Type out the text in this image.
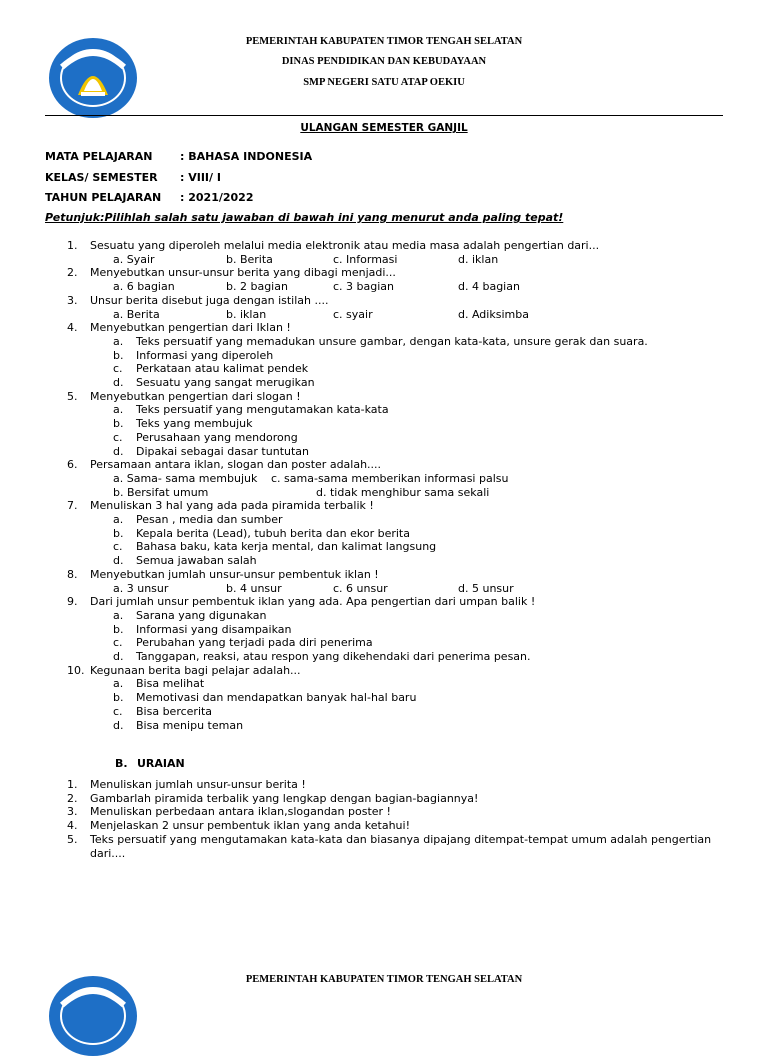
PEMERINTAH KABUPATEN TIMOR TENGAH SELATAN
DINAS PENDIDIKAN DAN KEBUDAYAAN
SMP NEGERI SATU ATAP OEKIU
ULANGAN SEMESTER GANJIL
MATA PELAJARAN	: BAHASA INDONESIA
KELAS/ SEMESTER : VIII/ I
TAHUN PELAJARAN : 2021/2022
Petunjuk:Pilihlah salah satu jawaban di bawah ini yang menurut anda paling tepat!
1. Sesuatu yang diperoleh melalui media elektronik atau media masa adalah pengertian dari...
a. Syair	b. Berita	c. Informasi	d. iklan
2. Menyebutkan unsur-unsur berita yang dibagi menjadi...
a. 6 bagian	b. 2 bagian	c. 3 bagian	d. 4 bagian
3. Unsur berita disebut juga dengan istilah ....
a. Berita	b. iklan	c. syair	d. Adiksimba
4. Menyebutkan pengertian dari Iklan !
a. Teks persuatif yang memadukan unsure gambar, dengan kata-kata, unsure gerak dan suara.
b. Informasi yang diperoleh
c. Perkataan atau kalimat pendek
d. Sesuatu yang sangat merugikan
5. Menyebutkan pengertian dari slogan !
a. Teks persuatif yang mengutamakan kata-kata
b. Teks yang membujuk
c. Perusahaan yang mendorong
d. Dipakai sebagai dasar tuntutan
6. Persamaan antara iklan, slogan dan poster adalah....
a. Sama- sama membujuk c. sama-sama memberikan informasi palsu
b. Bersifat umum	d. tidak menghibur sama sekali
7. Menuliskan 3 hal yang ada pada piramida terbalik !
a. Pesan , media dan sumber
b. Kepala berita (Lead), tubuh berita dan ekor berita
c. Bahasa baku, kata kerja mental, dan kalimat langsung
d. Semua jawaban salah
8. Menyebutkan jumlah unsur-unsur pembentuk iklan !
a. 3 unsur	b. 4 unsur	c. 6 unsur	d. 5 unsur
9. Dari jumlah unsur pembentuk iklan yang ada. Apa pengertian dari umpan balik !
a. Sarana yang digunakan
b. Informasi yang disampaikan
c. Perubahan yang terjadi pada diri penerima
d. Tanggapan, reaksi, atau respon yang dikehendaki dari penerima pesan.
10. Kegunaan berita bagi pelajar adalah...
a. Bisa melihat
b. Memotivasi dan mendapatkan banyak hal-hal baru
c. Bisa bercerita
d. Bisa menipu teman
B. URAIAN
1. Menuliskan jumlah unsur-unsur berita !
2. Gambarlah piramida terbalik yang lengkap dengan bagian-bagiannya!
3. Menuliskan perbedaan antara iklan,slogandan poster !
4. Menjelaskan 2 unsur pembentuk iklan yang anda ketahui!
5. Teks persuatif yang mengutamakan kata-kata dan biasanya dipajang ditempat-tempat umum adalah pengertian
dari....
PEMERINTAH KABUPATEN TIMOR TENGAH SELATAN
